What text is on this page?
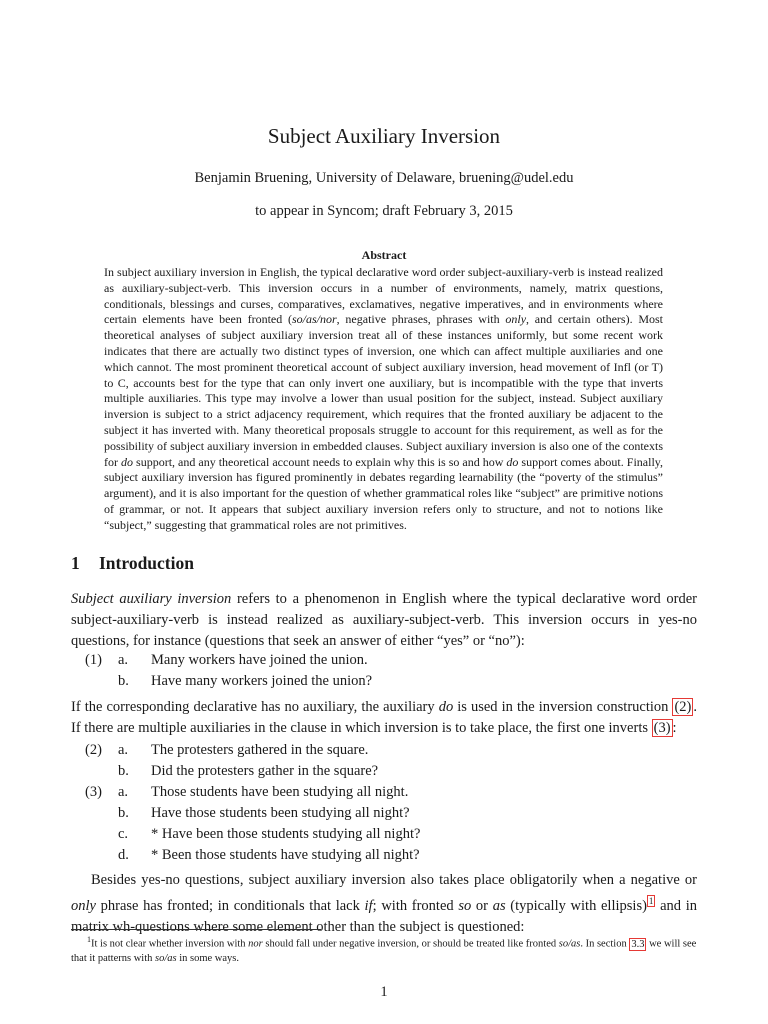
Subject Auxiliary Inversion
Benjamin Bruening, University of Delaware, bruening@udel.edu
to appear in Syncom; draft February 3, 2015
Abstract
In subject auxiliary inversion in English, the typical declarative word order subject-auxiliary-verb is instead realized as auxiliary-subject-verb. This inversion occurs in a number of environments, namely, matrix questions, conditionals, blessings and curses, comparatives, exclamatives, negative imperatives, and in environments where certain elements have been fronted (so/as/nor, negative phrases, phrases with only, and certain others). Most theoretical analyses of subject auxiliary inversion treat all of these instances uniformly, but some recent work indicates that there are actually two distinct types of inversion, one which can affect multiple auxiliaries and one which cannot. The most prominent theoretical account of subject auxiliary inversion, head movement of Infl (or T) to C, accounts best for the type that can only invert one auxiliary, but is incompatible with the type that inverts multiple auxiliaries. This type may involve a lower than usual position for the subject, instead. Subject auxiliary inversion is subject to a strict adjacency requirement, which requires that the fronted auxiliary be adjacent to the subject it has inverted with. Many theoretical proposals struggle to account for this requirement, as well as for the possibility of subject auxiliary inversion in embedded clauses. Subject auxiliary inversion is also one of the contexts for do support, and any theoretical account needs to explain why this is so and how do support comes about. Finally, subject auxiliary inversion has figured prominently in debates regarding learnability (the “poverty of the stimulus” argument), and it is also important for the question of whether grammatical roles like “subject” are primitive notions of grammar, or not. It appears that subject auxiliary inversion refers only to structure, and not to notions like “subject,” suggesting that grammatical roles are not primitives.
1 Introduction
Subject auxiliary inversion refers to a phenomenon in English where the typical declarative word order subject-auxiliary-verb is instead realized as auxiliary-subject-verb. This inversion occurs in yes-no questions, for instance (questions that seek an answer of either “yes” or “no”):
(1) a. Many workers have joined the union.
b. Have many workers joined the union?
If the corresponding declarative has no auxiliary, the auxiliary do is used in the inversion construction (2) . If there are multiple auxiliaries in the clause in which inversion is to take place, the first one inverts (3) :
(2) a. The protesters gathered in the square.
b. Did the protesters gather in the square?
(3) a. Those students have been studying all night.
b. Have those students been studying all night?
c. * Have been those students studying all night?
d. * Been those students have studying all night?
Besides yes-no questions, subject auxiliary inversion also takes place obligatorily when a negative or only phrase has fronted; in conditionals that lack if; with fronted so or as (typically with ellipsis) $^1$ and in matrix wh-questions where some element other than the subject is questioned:
$^1$It is not clear whether inversion with nor should fall under negative inversion, or should be treated like fronted so/as. In section 3.3 we will see that it patterns with so/as in some ways.
1
